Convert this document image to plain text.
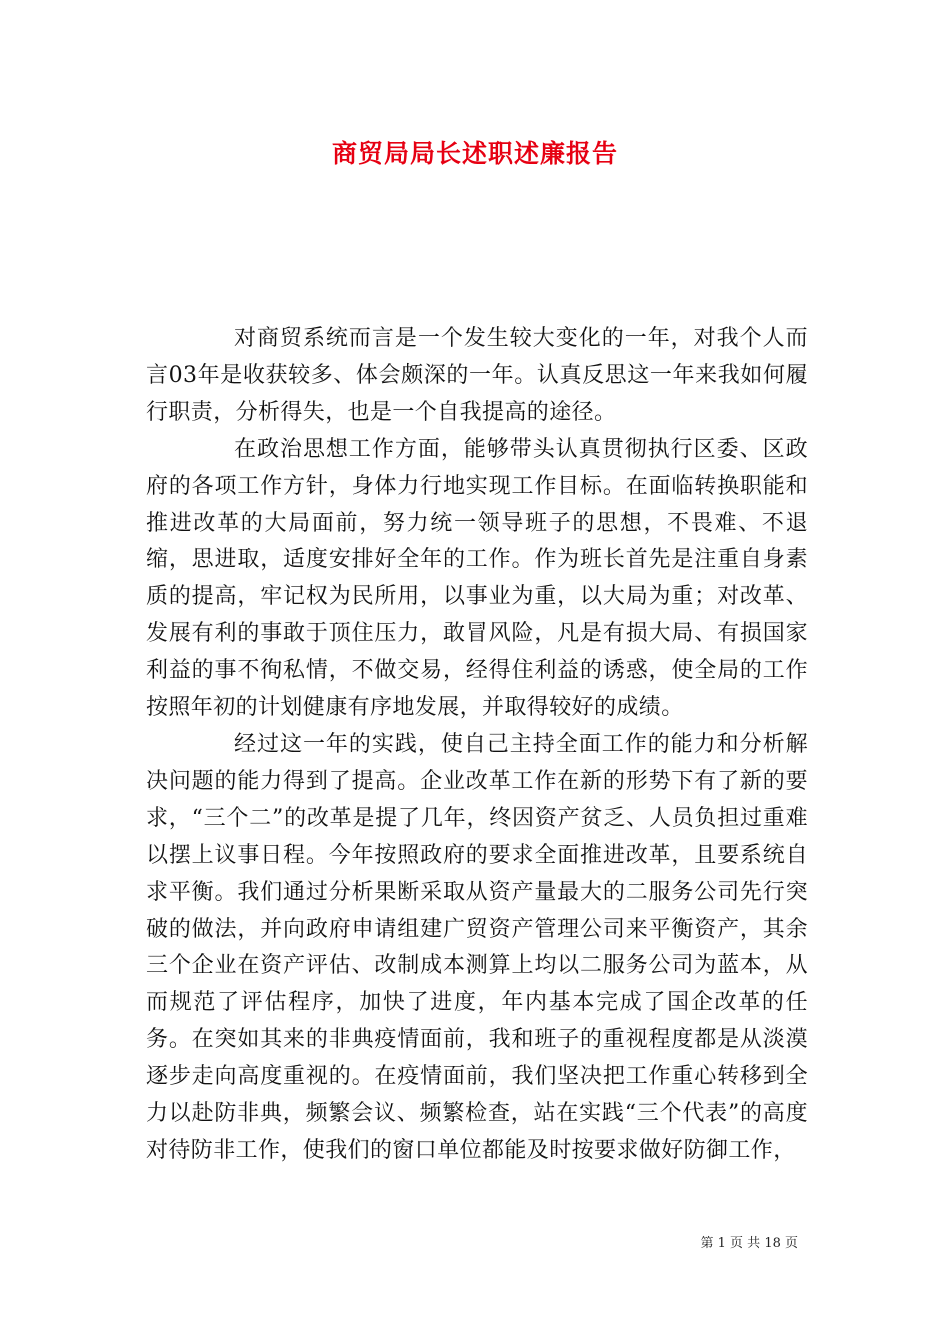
商贸局局长述职述廉报告

对商贸系统而言是一个发生较大变化的一年，对我个人而言03年是收获较多、体会颇深的一年。认真反思这一年来我如何履行职责，分析得失，也是一个自我提高的途径。

在政治思想工作方面，能够带头认真贯彻执行区委、区政府的各项工作方针，身体力行地实现工作目标。在面临转换职能和推进改革的大局面前，努力统一领导班子的思想，不畏难、不退缩，思进取，适度安排好全年的工作。作为班长首先是注重自身素质的提高，牢记权为民所用，以事业为重，以大局为重；对改革、发展有利的事敢于顶住压力，敢冒风险，凡是有损大局、有损国家利益的事不徇私情，不做交易，经得住利益的诱惑，使全局的工作按照年初的计划健康有序地发展，并取得较好的成绩。

经过这一年的实践，使自己主持全面工作的能力和分析解决问题的能力得到了提高。企业改革工作在新的形势下有了新的要求，“三个二”的改革是提了几年，终因资产贫乏、人员负担过重难以摆上议事日程。今年按照政府的要求全面推进改革，且要系统自求平衡。我们通过分析果断采取从资产量最大的二服务公司先行突破的做法，并向政府申请组建广贸资产管理公司来平衡资产，其余三个企业在资产评估、改制成本测算上均以二服务公司为蓝本，从而规范了评估程序，加快了进度，年内基本完成了国企改革的任务。在突如其来的非典疫情面前，我和班子的重视程度都是从淡漠逐步走向高度重视的。在疫情面前，我们坚决把工作重心转移到全力以赴防非典，频繁会议、频繁检查，站在实践“三个代表”的高度对待防非工作，使我们的窗口单位都能及时按要求做好防御工作，

第 1 页 共 18 页
